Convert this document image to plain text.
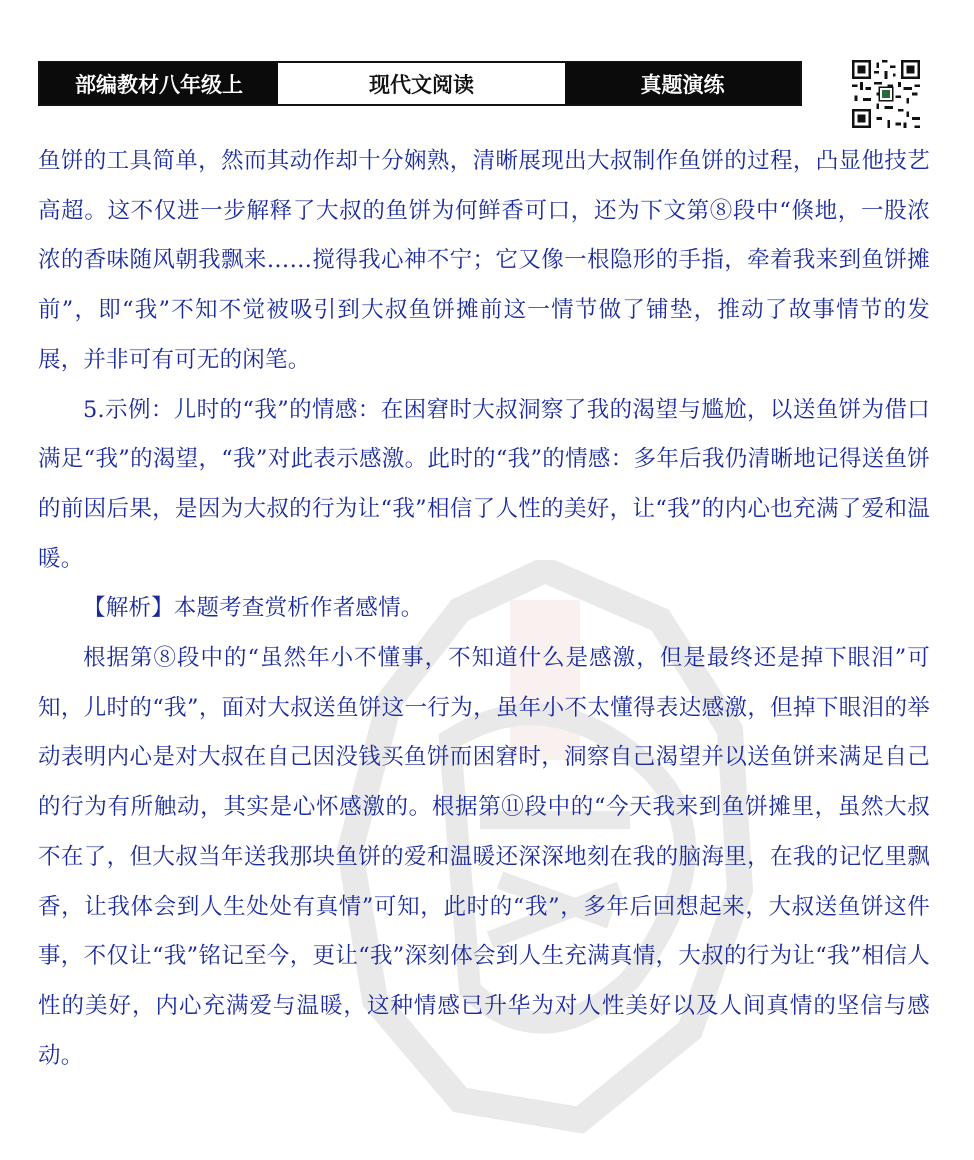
部编教材八年级上	现代文阅读	真题演练

鱼饼的工具简单，然而其动作却十分娴熟，清晰展现出大叔制作鱼饼的过程，凸显他技艺高超。这不仅进一步解释了大叔的鱼饼为何鲜香可口，还为下文第⑧段中“倏地，一股浓浓的香味随风朝我飘来……搅得我心神不宁；它又像一根隐形的手指，牵着我来到鱼饼摊前”，即“我”不知不觉被吸引到大叔鱼饼摊前这一情节做了铺垫，推动了故事情节的发展，并非可有可无的闲笔。

5.示例：儿时的“我”的情感：在困窘时大叔洞察了我的渴望与尴尬，以送鱼饼为借口满足“我”的渴望，“我”对此表示感激。此时的“我”的情感：多年后我仍清晰地记得送鱼饼的前因后果，是因为大叔的行为让“我”相信了人性的美好，让“我”的内心也充满了爱和温暖。

【解析】本题考查赏析作者感情。

根据第⑧段中的“虽然年小不懂事，不知道什么是感激，但是最终还是掉下眼泪”可知，儿时的“我”，面对大叔送鱼饼这一行为，虽年小不太懂得表达感激，但掉下眼泪的举动表明内心是对大叔在自己因没钱买鱼饼而困窘时，洞察自己渴望并以送鱼饼来满足自己的行为有所触动，其实是心怀感激的。根据第⑪段中的“今天我来到鱼饼摊里，虽然大叔不在了，但大叔当年送我那块鱼饼的爱和温暖还深深地刻在我的脑海里，在我的记忆里飘香，让我体会到人生处处有真情”可知，此时的“我”，多年后回想起来，大叔送鱼饼这件事，不仅让“我”铭记至今，更让“我”深刻体会到人生充满真情，大叔的行为让“我”相信人性的美好，内心充满爱与温暖，这种情感已升华为对人性美好以及人间真情的坚信与感动。
